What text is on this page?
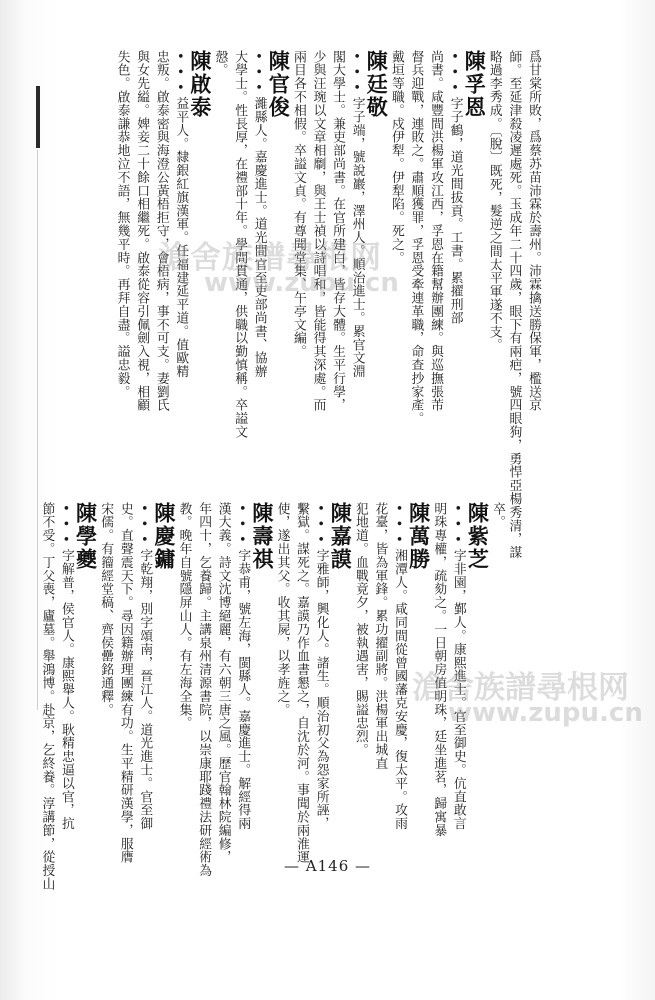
爲甘棠所敗，爲蔡苏苗沛霖於壽州。沛霖擒送勝保軍，檻送京
師。至延津殺凌遲處死。玉成年二十四歲，眼下有兩疤，號四眼狗，勇悍亞楊秀清，謀
略過李秀成。〔脫〕既死，髮逆之間太平軍遂不支。
陳孚恩
•••字子鶴，道光間拔貢。工書。累擢刑部
尚書。咸豐間洪楊軍攻江西，孚恩在籍幫辦團練。與巡撫張芾
督兵迎戰，連敗之。肅順獲罪，孚恩受牽連革職，命查抄家產。
戴垣等職。戍伊犁。伊犁陷。死之。
陳廷敬
•••字子端，號說巖，澤州人。順治進士。累官文淵
閣大學士。兼吏部尚書。在官所建白，皆存大體。生平行學，
少與汪琬以文章相劘，與王士禎以詩唱和，皆能得其深處。而
兩目各不相假。卒謚文貞。有尊聞堂集、午亭文編。
陳官俊
•••濰縣人。嘉慶進士。道光間官至吏部尚書、協辦
大學士。性長厚，在禮部十年。學問貫通，供職以勤慎稱。卒謚文
慤。
陳啟泰
•••益平人。隸銀紅旗漢軍。任福建延平道。值歐精
忠叛。啟泰密與海澄公黃梧拒守，會梧病，事不可支。妻劉氏
與女先縊。婢妾二十餘口相繼死。啟泰從容引佩劍入視，相顧
失色。啟泰謙恭地泣不語，無幾平時。再拜自盡。謚忠毅。
卒。
陳紫芝
•••字非園，鄞人。康熙進士。官至御史。伉直敢言
明珠專權，疏劾之。一日朝房值明珠，廷坐進茗，歸寓暴
陳萬勝
•••湘潭人。咸同間從曾國藩克安慶，復太平。攻雨
花臺，皆為軍鋒。累功擢副將。洪楊軍出城直
犯地道。血戰竟夕，被執遇害，賜謚忠烈。
陳嘉謨
•••字雅師，興化人。諸生。順治初父為怨家所誣，
繫獄。謀死之。嘉謨乃作血書懇之，自沈於河。事聞於兩淮運
使，遂出其父。收其屍，以孝旌之。
陳壽祺
•••字恭甫，號左海，閩縣人。嘉慶進士。解經得兩
漢大義。詩文沈博絕麗，有六朝三唐之風。歷官翰林院編修，
年四十，乞養歸。主講泉州清源書院，以崇康耶踐禮法研經術為
教。晚年自號隱屏山人。有左海全集。
陳慶鏞
•••字乾翔，別字頌南，晉江人。道光進士。官至御
史。直聲震天下。尋因籍辦理團練有功。生平精研漢學，服膺
宋儒。有籀經堂稿、齊侯罍銘通釋。
陳學夔
•••字解普，侯官人。康熙舉人。耿精忠逼以官，抗
節不受。丁父喪，廬墓。舉鴻博。赴京，乞終養。淳講節，從授山
滄舍族譜尋根网
www.zupu.cn
滄舍族譜尋根网
www.zupu.cn
— A146 —
